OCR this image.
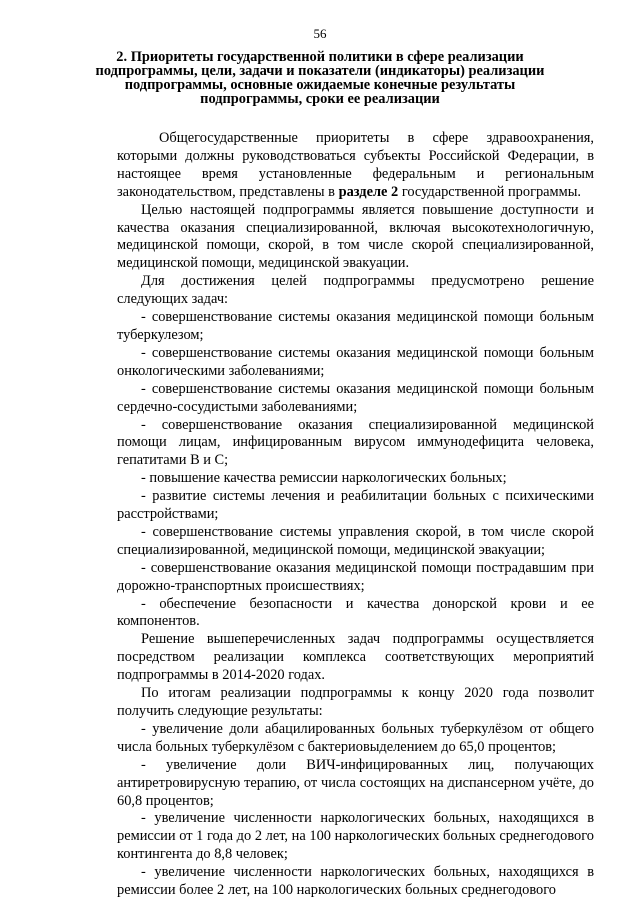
56
2. Приоритеты государственной политики в сфере реализации подпрограммы, цели, задачи и показатели (индикаторы) реализации подпрограммы, основные ожидаемые конечные результаты подпрограммы, сроки ее реализации

Общегосударственные приоритеты в сфере здравоохранения, которыми должны руководствоваться субъекты Российской Федерации, в настоящее время установленные федеральным и региональным законодательством, представлены в разделе 2 государственной программы.

Целью настоящей подпрограммы является повышение доступности и качества оказания специализированной, включая высокотехнологичную, медицинской помощи, скорой, в том числе скорой специализированной, медицинской помощи, медицинской эвакуации.

Для достижения целей подпрограммы предусмотрено решение следующих задач:

- совершенствование системы оказания медицинской помощи больным туберкулезом;

- совершенствование системы оказания медицинской помощи больным онкологическими заболеваниями;

- совершенствование системы оказания медицинской помощи больным сердечно-сосудистыми заболеваниями;

- совершенствование оказания специализированной медицинской помощи лицам, инфицированным вирусом иммунодефицита человека, гепатитами B и C;

- повышение качества ремиссии наркологических больных;

- развитие системы лечения и реабилитации больных с психическими расстройствами;

- совершенствование системы управления скорой, в том числе скорой специализированной, медицинской помощи, медицинской эвакуации;

- совершенствование оказания медицинской помощи пострадавшим при дорожно-транспортных происшествиях;

- обеспечение безопасности и качества донорской крови и ее компонентов.

Решение вышеперечисленных задач подпрограммы осуществляется посредством реализации комплекса соответствующих мероприятий подпрограммы в 2014-2020 годах.

По итогам реализации подпрограммы к концу 2020 года позволит получить следующие результаты:

- увеличение доли абацилированных больных туберкулёзом от общего числа больных туберкулёзом с бактериовыделением до 65,0 процентов;

- увеличение доли ВИЧ-инфицированных лиц, получающих антиретровирусную терапию, от числа состоящих на диспансерном учёте, до 60,8 процентов;

- увеличение численности наркологических больных, находящихся в ремиссии от 1 года до 2 лет, на 100 наркологических больных среднегодового контингента до 8,8 человек;

- увеличение численности наркологических больных, находящихся в ремиссии более 2 лет, на 100 наркологических больных среднегодового
